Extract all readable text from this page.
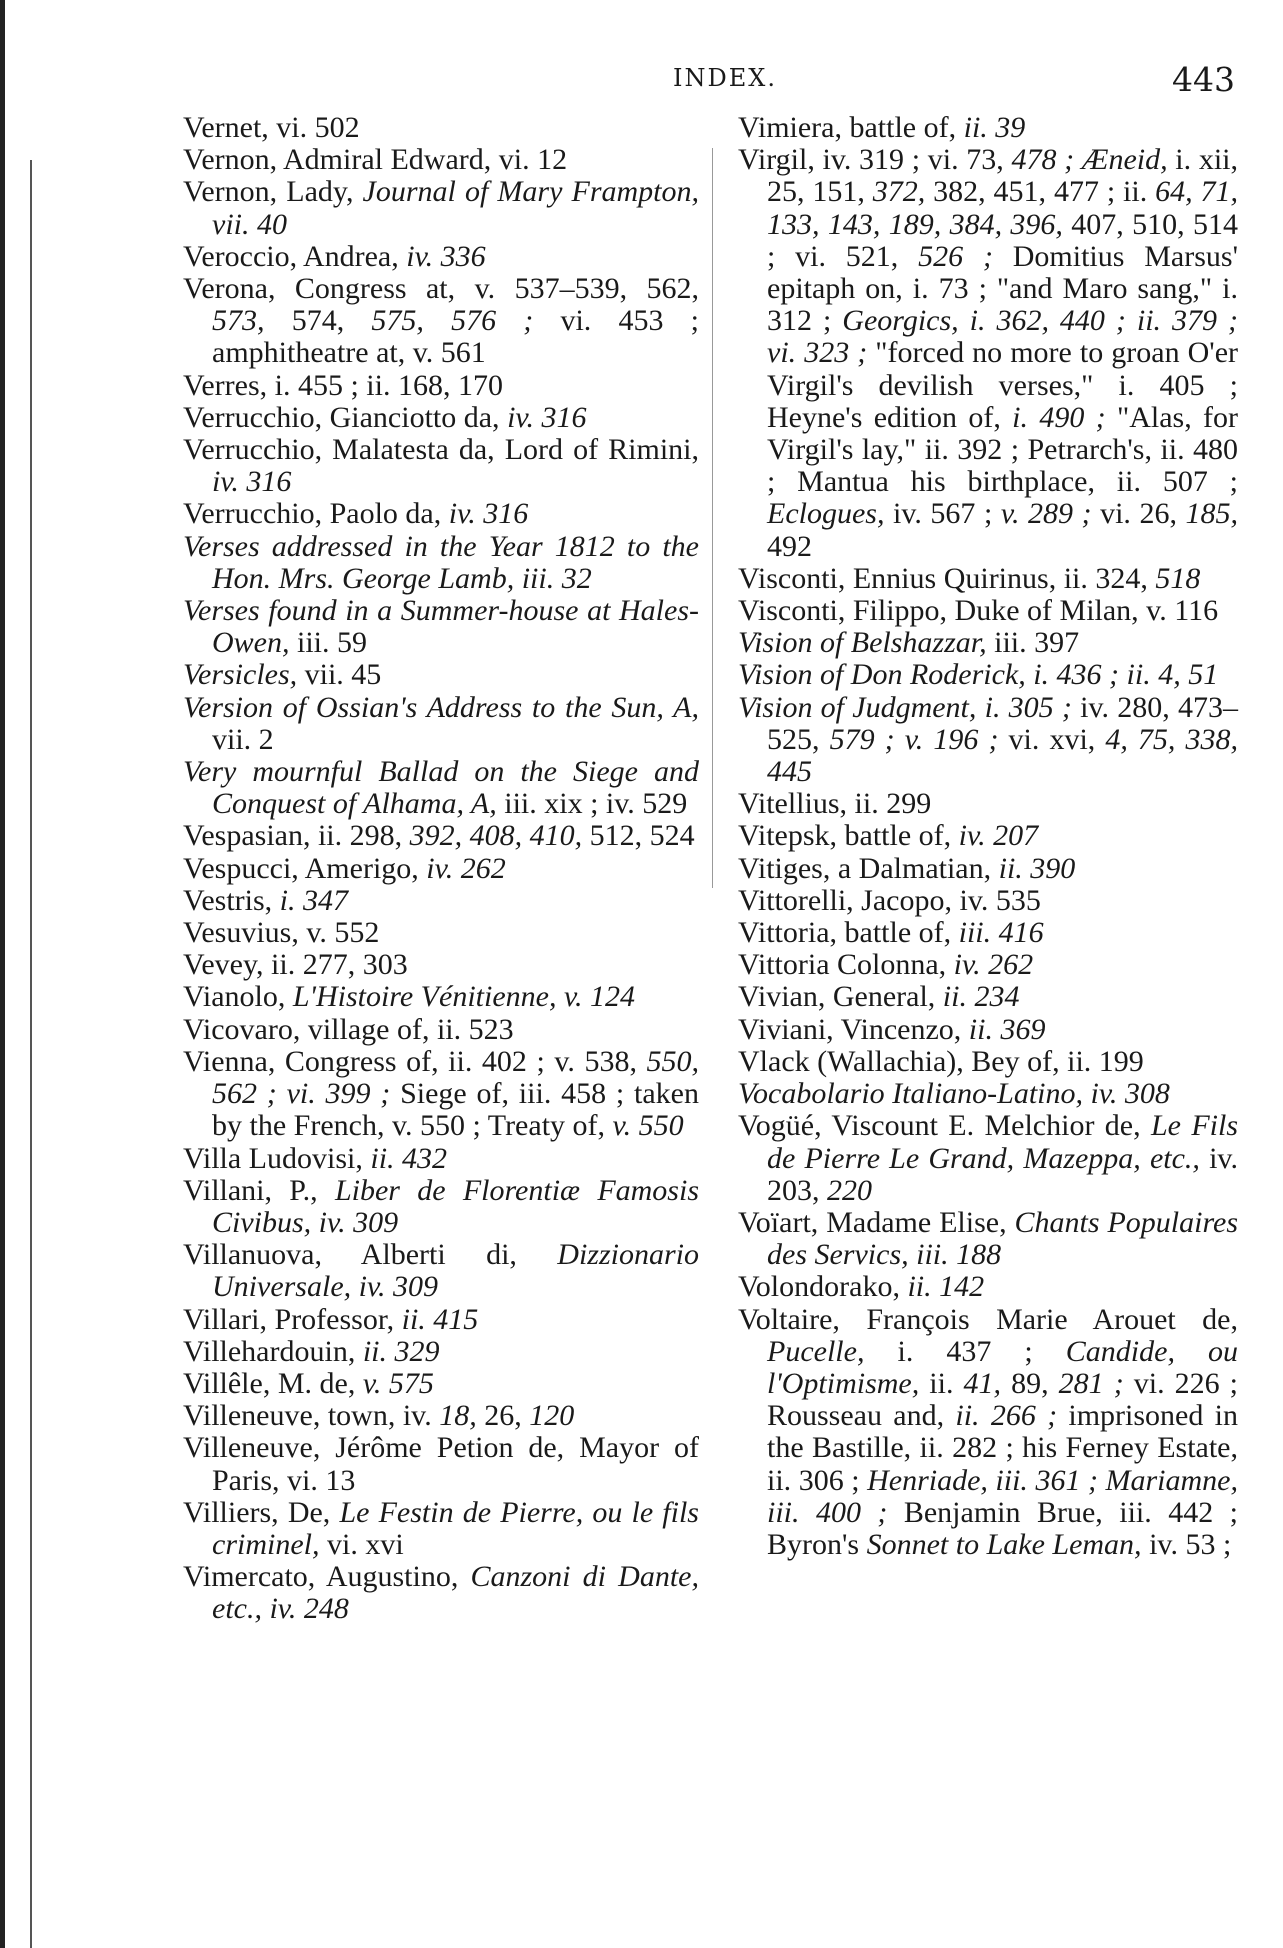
INDEX.	443

Vernet, vi. 502

Vernon, Admiral Edward, vi. 12

Vernon, Lady, Journal of Mary Frampton, vii. 40

Veroccio, Andrea, iv. 336

Verona, Congress at, v. 537–539, 562, 573, 574, 575, 576 ; vi. 453 ; amphitheatre at, v. 561

Verres, i. 455 ; ii. 168, 170

Verrucchio, Gianciotto da, iv. 316

Verrucchio, Malatesta da, Lord of Rimini, iv. 316

Verrucchio, Paolo da, iv. 316

Verses addressed in the Year 1812 to the Hon. Mrs. George Lamb, iii. 32

Verses found in a Summer-house at Hales-Owen, iii. 59

Versicles, vii. 45

Version of Ossian's Address to the Sun, A, vii. 2

Very mournful Ballad on the Siege and Conquest of Alhama, A, iii. xix ; iv. 529

Vespasian, ii. 298, 392, 408, 410, 512, 524

Vespucci, Amerigo, iv. 262

Vestris, i. 347

Vesuvius, v. 552

Vevey, ii. 277, 303

Vianolo, L'Histoire Vénitienne, v. 124

Vicovaro, village of, ii. 523

Vienna, Congress of, ii. 402 ; v. 538, 550, 562 ; vi. 399 ; Siege of, iii. 458 ; taken by the French, v. 550 ; Treaty of, v. 550

Villa Ludovisi, ii. 432

Villani, P., Liber de Florentiæ Famosis Civibus, iv. 309

Villanuova, Alberti di, Dizzionario Universale, iv. 309

Villari, Professor, ii. 415

Villehardouin, ii. 329

Villêle, M. de, v. 575

Villeneuve, town, iv. 18, 26, 120

Villeneuve, Jérôme Petion de, Mayor of Paris, vi. 13

Villiers, De, Le Festin de Pierre, ou le fils criminel, vi. xvi

Vimercato, Augustino, Canzoni di Dante, etc., iv. 248

Vimiera, battle of, ii. 39

Virgil, iv. 319 ; vi. 73, 478 ; Æneid, i. xii, 25, 151, 372, 382, 451, 477 ; ii. 64, 71, 133, 143, 189, 384, 396, 407, 510, 514 ; vi. 521, 526 ; Domitius Marsus' epitaph on, i. 73 ; "and Maro sang," i. 312 ; Georgics, i. 362, 440 ; ii. 379 ; vi. 323 ; "forced no more to groan O'er Virgil's devilish verses," i. 405 ; Heyne's edition of, i. 490 ; "Alas, for Virgil's lay," ii. 392 ; Petrarch's, ii. 480 ; Mantua his birthplace, ii. 507 ; Eclogues, iv. 567 ; v. 289 ; vi. 26, 185, 492

Visconti, Ennius Quirinus, ii. 324, 518

Visconti, Filippo, Duke of Milan, v. 116

Vision of Belshazzar, iii. 397

Vision of Don Roderick, i. 436 ; ii. 4, 51

Vision of Judgment, i. 305 ; iv. 280, 473–525, 579 ; v. 196 ; vi. xvi, 4, 75, 338, 445

Vitellius, ii. 299

Vitepsk, battle of, iv. 207

Vitiges, a Dalmatian, ii. 390

Vittorelli, Jacopo, iv. 535

Vittoria, battle of, iii. 416

Vittoria Colonna, iv. 262

Vivian, General, ii. 234

Viviani, Vincenzo, ii. 369

Vlack (Wallachia), Bey of, ii. 199

Vocabolario Italiano-Latino, iv. 308

Vogüé, Viscount E. Melchior de, Le Fils de Pierre Le Grand, Mazeppa, etc., iv. 203, 220

Voïart, Madame Elise, Chants Populaires des Servics, iii. 188

Volondorako, ii. 142

Voltaire, François Marie Arouet de, Pucelle, i. 437 ; Candide, ou l'Optimisme, ii. 41, 89, 281 ; vi. 226 ; Rousseau and, ii. 266 ; imprisoned in the Bastille, ii. 282 ; his Ferney Estate, ii. 306 ; Henriade, iii. 361 ; Mariamne, iii. 400 ; Benjamin Brue, iii. 442 ; Byron's Sonnet to Lake Leman, iv. 53 ;
